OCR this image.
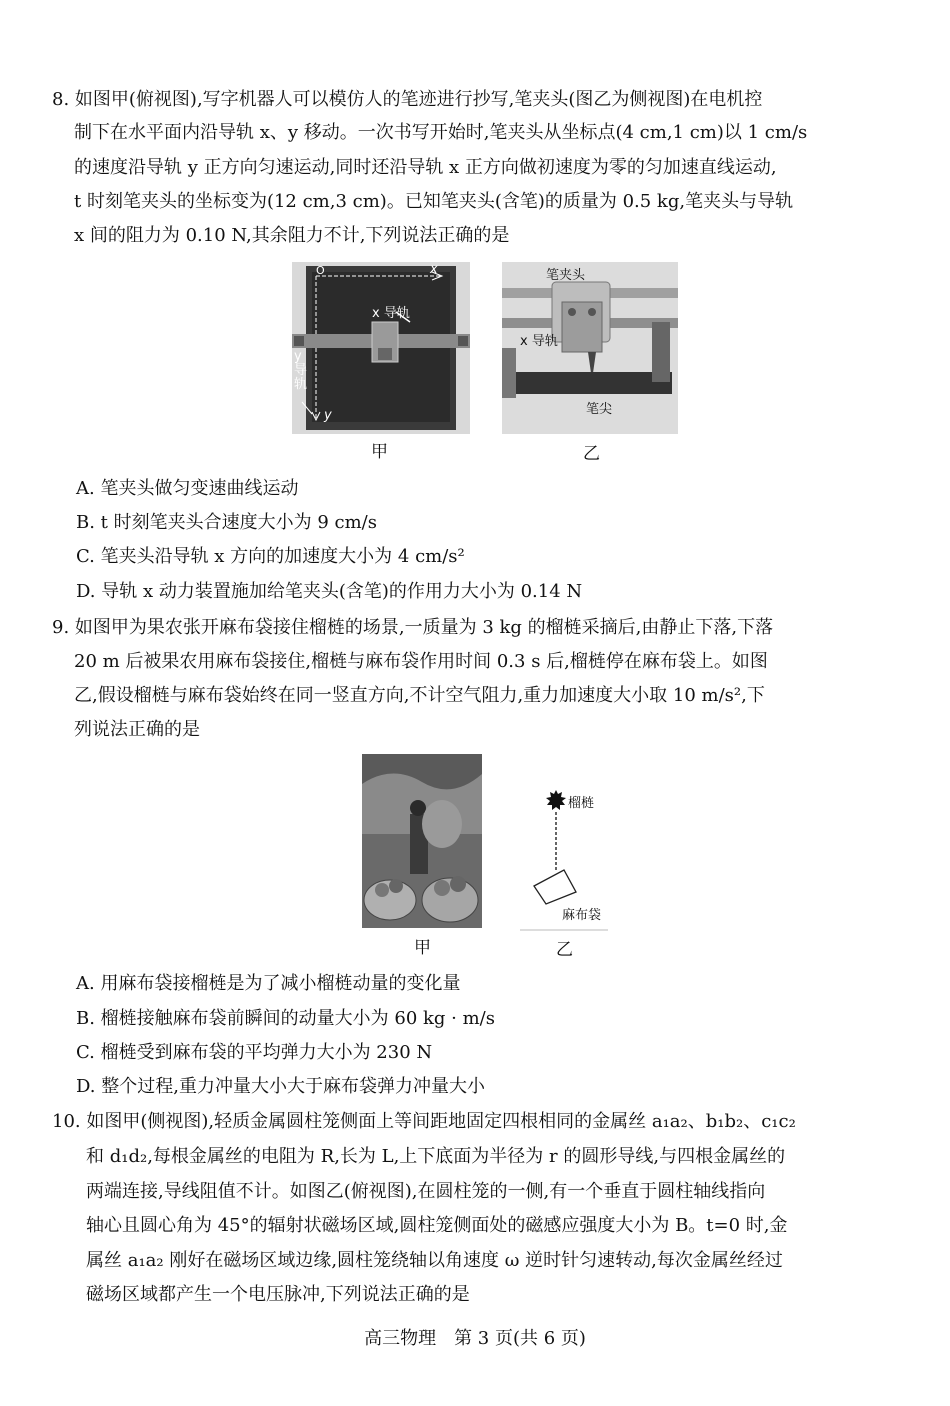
8. 如图甲(俯视图),写字机器人可以模仿人的笔迹进行抄写,笔夹头(图乙为侧视图)在电机控
制下在水平面内沿导轨 x、y 移动。一次书写开始时,笔夹头从坐标点(4 cm,1 cm)以 1 cm/s
的速度沿导轨 y 正方向匀速运动,同时还沿导轨 x 正方向做初速度为零的匀加速直线运动,
t 时刻笔夹头的坐标变为(12 cm,3 cm)。已知笔夹头(含笔)的质量为 0.5 kg,笔夹头与导轨
x 间的阻力为 0.10 N,其余阻力不计,下列说法正确的是
O	x
x 导轨
y
导
轨
y
甲
笔夹头
x 导轨
笔尖
乙
A. 笔夹头做匀变速曲线运动
B. t 时刻笔夹头合速度大小为 9 cm/s
C. 笔夹头沿导轨 x 方向的加速度大小为 4 cm/s²
D. 导轨 x 动力装置施加给笔夹头(含笔)的作用力大小为 0.14 N
9. 如图甲为果农张开麻布袋接住榴梿的场景,一质量为 3 kg 的榴梿采摘后,由静止下落,下落
20 m 后被果农用麻布袋接住,榴梿与麻布袋作用时间 0.3 s 后,榴梿停在麻布袋上。如图
乙,假设榴梿与麻布袋始终在同一竖直方向,不计空气阻力,重力加速度大小取 10 m/s²,下
列说法正确的是
甲
榴梿
麻布袋
乙
A. 用麻布袋接榴梿是为了减小榴梿动量的变化量
B. 榴梿接触麻布袋前瞬间的动量大小为 60 kg · m/s
C. 榴梿受到麻布袋的平均弹力大小为 230 N
D. 整个过程,重力冲量大小大于麻布袋弹力冲量大小
10. 如图甲(侧视图),轻质金属圆柱笼侧面上等间距地固定四根相同的金属丝 a₁a₂、b₁b₂、c₁c₂
和 d₁d₂,每根金属丝的电阻为 R,长为 L,上下底面为半径为 r 的圆形导线,与四根金属丝的
两端连接,导线阻值不计。如图乙(俯视图),在圆柱笼的一侧,有一个垂直于圆柱轴线指向
轴心且圆心角为 45°的辐射状磁场区域,圆柱笼侧面处的磁感应强度大小为 B。t=0 时,金
属丝 a₁a₂ 刚好在磁场区域边缘,圆柱笼绕轴以角速度 ω 逆时针匀速转动,每次金属丝经过
磁场区域都产生一个电压脉冲,下列说法正确的是
高三物理　第 3 页(共 6 页)
